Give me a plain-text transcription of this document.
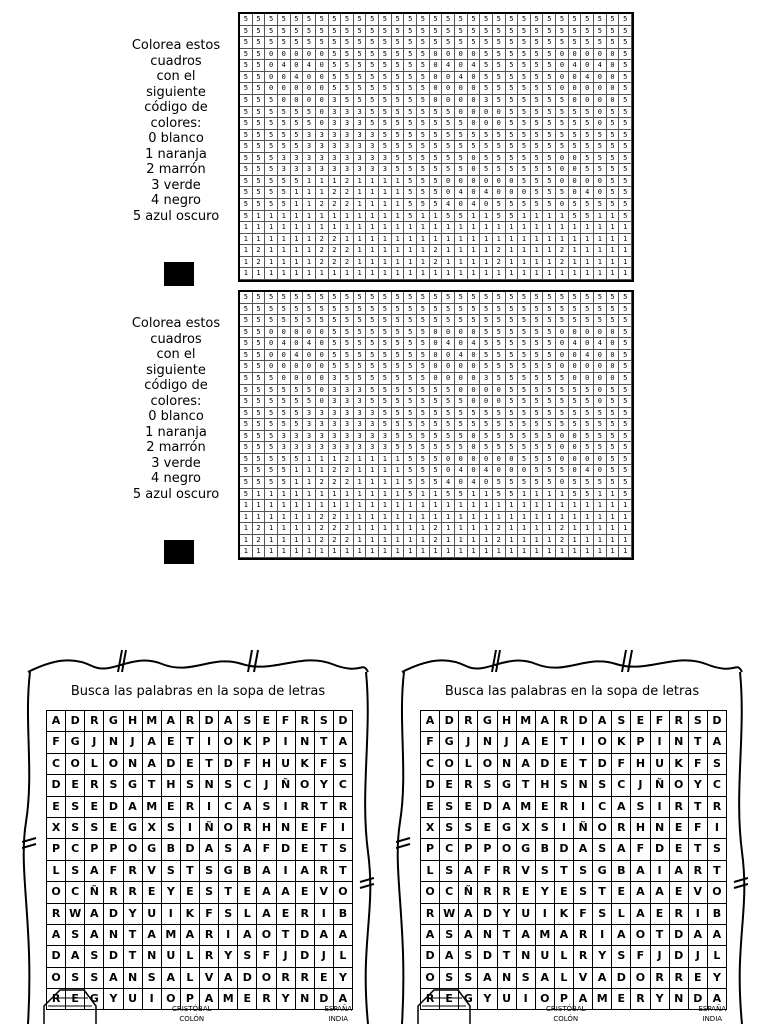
Colorea estos
cuadros
con el
siguiente
código de
colores:
0 blanco
1 naranja
2 marrón
3 verde
4 negro
5 azul oscuro
5	5	5	5	5	5	5	5	5	5	5	5	5	5	5	5	5	5	5	5	5	5	5	5	5	5	5	5	5	5	5
5	5	5	5	5	5	5	5	5	5	5	5	5	5	5	5	5	5	5	5	5	5	5	5	5	5	5	5	5	5	5
5	5	5	5	5	5	5	5	5	5	5	5	5	5	5	5	5	5	5	5	5	5	5	5	5	5	5	5	5	5	5
5	5	0	0	0	0	0	5	5	5	5	5	5	5	5	0	0	0	0	5	5	5	5	5	5	0	0	0	0	0	5
5	5	0	4	0	4	0	5	5	5	5	5	5	5	5	0	4	0	4	5	5	5	5	5	5	0	4	0	4	0	5
5	5	0	0	4	0	0	5	5	5	5	5	5	5	5	0	0	4	0	5	5	5	5	5	5	0	0	4	0	0	5
5	5	0	0	0	0	0	5	5	5	5	5	5	5	5	0	0	0	0	5	5	5	5	5	5	0	0	0	0	0	5
5	5	5	0	0	0	0	3	5	5	5	5	5	5	5	0	0	0	0	3	5	5	5	5	5	5	0	0	0	0	5
5	5	5	5	5	5	0	3	3	3	5	5	5	5	5	5	5	0	0	0	0	5	5	5	5	5	5	5	0	5	5
5	5	5	5	5	5	0	3	3	3	5	5	5	5	5	5	5	5	0	0	0	5	5	5	5	5	5	5	0	5	5
5	5	5	5	5	3	3	3	3	3	3	5	5	5	5	5	5	5	5	5	5	5	5	5	5	5	5	5	5	5	5
5	5	5	5	5	3	3	3	3	3	3	5	5	5	5	5	5	5	5	5	5	5	5	5	5	5	5	5	5	5	5
5	5	5	3	3	3	3	3	3	3	3	3	5	5	5	5	5	5	0	5	5	5	5	5	5	0	0	5	5	5	5
5	5	5	3	3	3	3	3	3	3	3	3	5	5	5	5	5	5	0	5	5	5	5	5	5	0	0	5	5	5	5
5	5	5	5	5	1	1	1	2	1	1	1	1	5	5	5	0	0	0	0	0	0	5	5	5	0	0	0	0	5	5
5	5	5	5	1	1	1	2	2	1	1	1	1	5	5	5	0	4	0	4	0	0	0	5	5	5	0	4	0	5	5
5	5	5	5	1	1	2	2	2	1	1	1	1	5	5	5	4	0	4	0	5	5	5	5	5	0	5	5	5	5	5
5	1	1	1	1	1	1	1	1	1	1	1	1	5	1	1	5	5	1	1	5	5	1	1	1	1	5	5	1	1	5
1	1	1	1	1	1	1	1	1	1	1	1	1	1	1	1	1	1	1	1	1	1	1	1	1	1	1	1	1	1	1
1	1	1	1	1	1	2	2	1	1	1	1	1	1	1	1	1	1	1	1	1	1	1	1	1	1	1	1	1	1	1
1	2	1	1	1	1	2	2	2	1	1	1	1	1	1	2	1	1	1	1	2	1	1	1	1	2	1	1	1	1	1
1	2	1	1	1	1	2	2	2	1	1	1	1	1	1	2	1	1	1	1	2	1	1	1	1	2	1	1	1	1	1
1	1	1	1	1	1	1	1	1	1	1	1	1	1	1	1	1	1	1	1	1	1	1	1	1	1	1	1	1	1	1
Colorea estos
cuadros
con el
siguiente
código de
colores:
0 blanco
1 naranja
2 marrón
3 verde
4 negro
5 azul oscuro
5	5	5	5	5	5	5	5	5	5	5	5	5	5	5	5	5	5	5	5	5	5	5	5	5	5	5	5	5	5	5
5	5	5	5	5	5	5	5	5	5	5	5	5	5	5	5	5	5	5	5	5	5	5	5	5	5	5	5	5	5	5
5	5	5	5	5	5	5	5	5	5	5	5	5	5	5	5	5	5	5	5	5	5	5	5	5	5	5	5	5	5	5
5	5	0	0	0	0	0	5	5	5	5	5	5	5	5	0	0	0	0	5	5	5	5	5	5	0	0	0	0	0	5
5	5	0	4	0	4	0	5	5	5	5	5	5	5	5	0	4	0	4	5	5	5	5	5	5	0	4	0	4	0	5
5	5	0	0	4	0	0	5	5	5	5	5	5	5	5	0	0	4	0	5	5	5	5	5	5	0	0	4	0	0	5
5	5	0	0	0	0	0	5	5	5	5	5	5	5	5	0	0	0	0	5	5	5	5	5	5	0	0	0	0	0	5
5	5	5	0	0	0	0	3	5	5	5	5	5	5	5	0	0	0	0	3	5	5	5	5	5	5	0	0	0	0	5
5	5	5	5	5	5	0	3	3	3	5	5	5	5	5	5	5	0	0	0	0	5	5	5	5	5	5	5	0	5	5
5	5	5	5	5	5	0	3	3	3	5	5	5	5	5	5	5	5	0	0	0	5	5	5	5	5	5	5	0	5	5
5	5	5	5	5	3	3	3	3	3	3	5	5	5	5	5	5	5	5	5	5	5	5	5	5	5	5	5	5	5	5
5	5	5	5	5	3	3	3	3	3	3	5	5	5	5	5	5	5	5	5	5	5	5	5	5	5	5	5	5	5	5
5	5	5	3	3	3	3	3	3	3	3	3	5	5	5	5	5	5	0	5	5	5	5	5	5	0	0	5	5	5	5
5	5	5	3	3	3	3	3	3	3	3	3	5	5	5	5	5	5	0	5	5	5	5	5	5	0	0	5	5	5	5
5	5	5	5	5	1	1	1	2	1	1	1	1	5	5	5	0	0	0	0	0	0	5	5	5	0	0	0	0	5	5
5	5	5	5	1	1	1	2	2	1	1	1	1	5	5	5	0	4	0	4	0	0	0	5	5	5	0	4	0	5	5
5	5	5	5	1	1	2	2	2	1	1	1	1	5	5	5	4	0	4	0	5	5	5	5	5	0	5	5	5	5	5
5	1	1	1	1	1	1	1	1	1	1	1	1	5	1	1	5	5	1	1	5	5	1	1	1	1	5	5	1	1	5
1	1	1	1	1	1	1	1	1	1	1	1	1	1	1	1	1	1	1	1	1	1	1	1	1	1	1	1	1	1	1
1	1	1	1	1	1	2	2	1	1	1	1	1	1	1	1	1	1	1	1	1	1	1	1	1	1	1	1	1	1	1
1	2	1	1	1	1	2	2	2	1	1	1	1	1	1	2	1	1	1	1	2	1	1	1	1	2	1	1	1	1	1
1	2	1	1	1	1	2	2	2	1	1	1	1	1	1	2	1	1	1	1	2	1	1	1	1	2	1	1	1	1	1
1	1	1	1	1	1	1	1	1	1	1	1	1	1	1	1	1	1	1	1	1	1	1	1	1	1	1	1	1	1	1
Busca las palabras en la sopa de letras
A D R G H M A R D A S	E	F	R S D
F G	J	N	J	A	E	T	I	O K P	I	N T	A
C O L O N A D E	T D F H U K	F	S
D E	R S G T H S N S	C	J	Ñ O Y	C
E	S	E D A M E	R	I	C A S	I	R	T	R
X S	S	E G X S	I	Ñ O R H N E	F	I
P	C	P	P O G B D A S A	F D E	T	S
L	S A	F	R V S	T	S G B A	I	A R	T
O C Ñ R R	E	Y	E	S	T	E	A A	E	V O
R W A D Y U	I	K	F	S	L	A	E	R	I	B
A S A N T	A M A R	I	A O T D A A
D A S D T N U	L	R Y	S	F	J	D	J	L
O S	S A N S A	L	V A D O R R	E	Y
R	E G Y U	I	O P A M E	R Y N D A
CRISTÓBAL
COLÓN
ESPAÑA
INDIA
Busca las palabras en la sopa de letras
A D R G H M A R D A S	E	F	R S D
F G	J	N	J	A	E	T	I	O K P	I	N T	A
C O L O N A D E	T D F H U K	F	S
D E	R S G T H S N S	C	J	Ñ O Y	C
E	S	E D A M E	R	I	C A S	I	R	T	R
X S	S	E G X S	I	Ñ O R H N E	F	I
P	C	P	P O G B D A S A	F D E	T	S
L	S A	F	R V S	T	S G B A	I	A R	T
O C Ñ R R	E	Y	E	S	T	E	A A	E	V O
R W A D Y U	I	K	F	S	L	A	E	R	I	B
A S A N T	A M A R	I	A O T D A A
D A S D T N U	L	R Y	S	F	J	D	J	L
O S	S A N S A	L	V A D O R R	E	Y
R	E G Y U	I	O P A M E	R Y N D A
CRISTÓBAL
COLÓN
ESPAÑA
INDIA
